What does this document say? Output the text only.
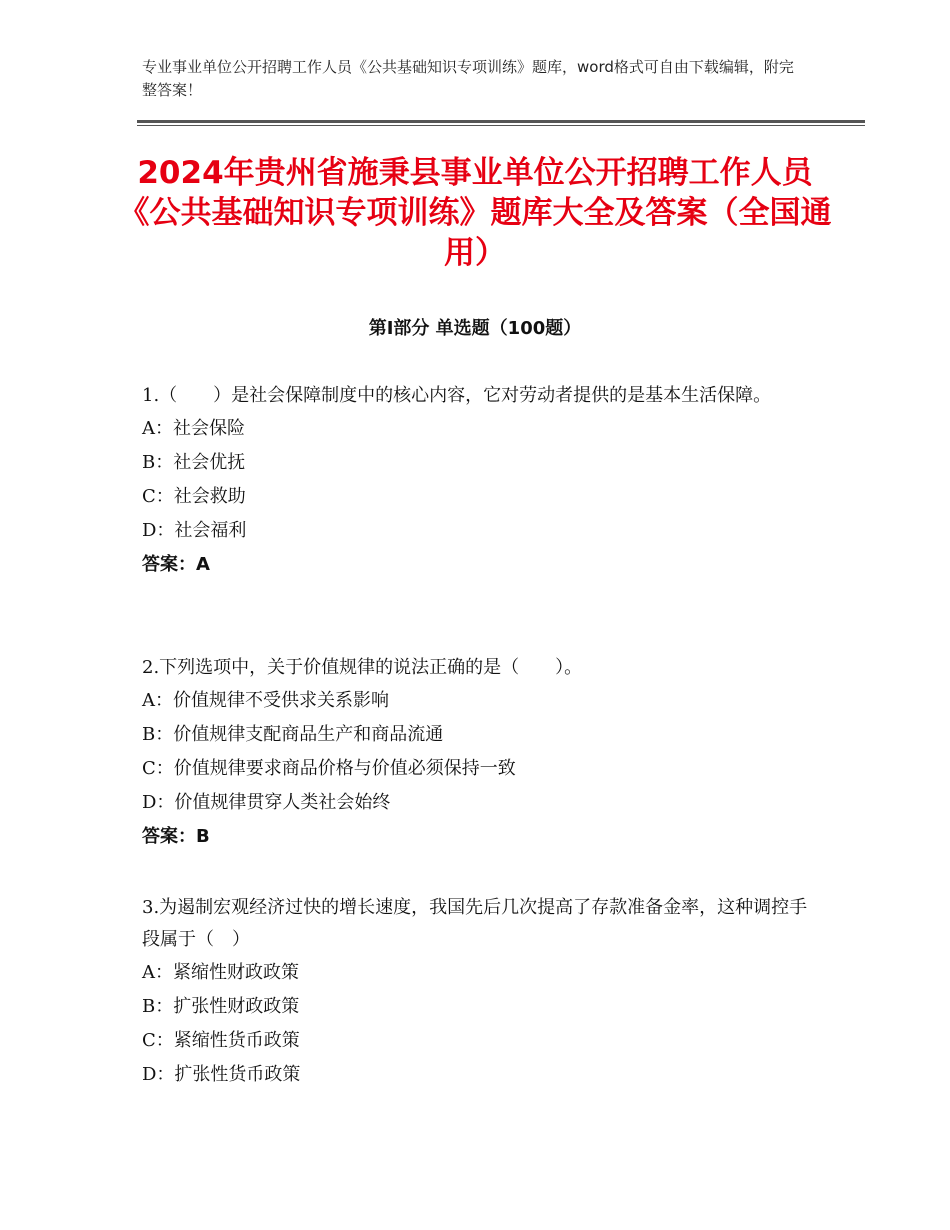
专业事业单位公开招聘工作人员《公共基础知识专项训练》题库，word格式可自由下载编辑，附完整答案！
2024年贵州省施秉县事业单位公开招聘工作人员《公共基础知识专项训练》题库大全及答案（全国通用）
第I部分 单选题（100题）

1.（　　）是社会保障制度中的核心内容，它对劳动者提供的是基本生活保障。

A：社会保险

B：社会优抚

C：社会救助

D：社会福利

答案：A

2.下列选项中，关于价值规律的说法正确的是（　　）。

A：价值规律不受供求关系影响

B：价值规律支配商品生产和商品流通

C：价值规律要求商品价格与价值必须保持一致

D：价值规律贯穿人类社会始终

答案：B

3.为遏制宏观经济过快的增长速度，我国先后几次提高了存款准备金率，这种调控手段属于（　）

A：紧缩性财政政策

B：扩张性财政政策

C：紧缩性货币政策

D：扩张性货币政策
